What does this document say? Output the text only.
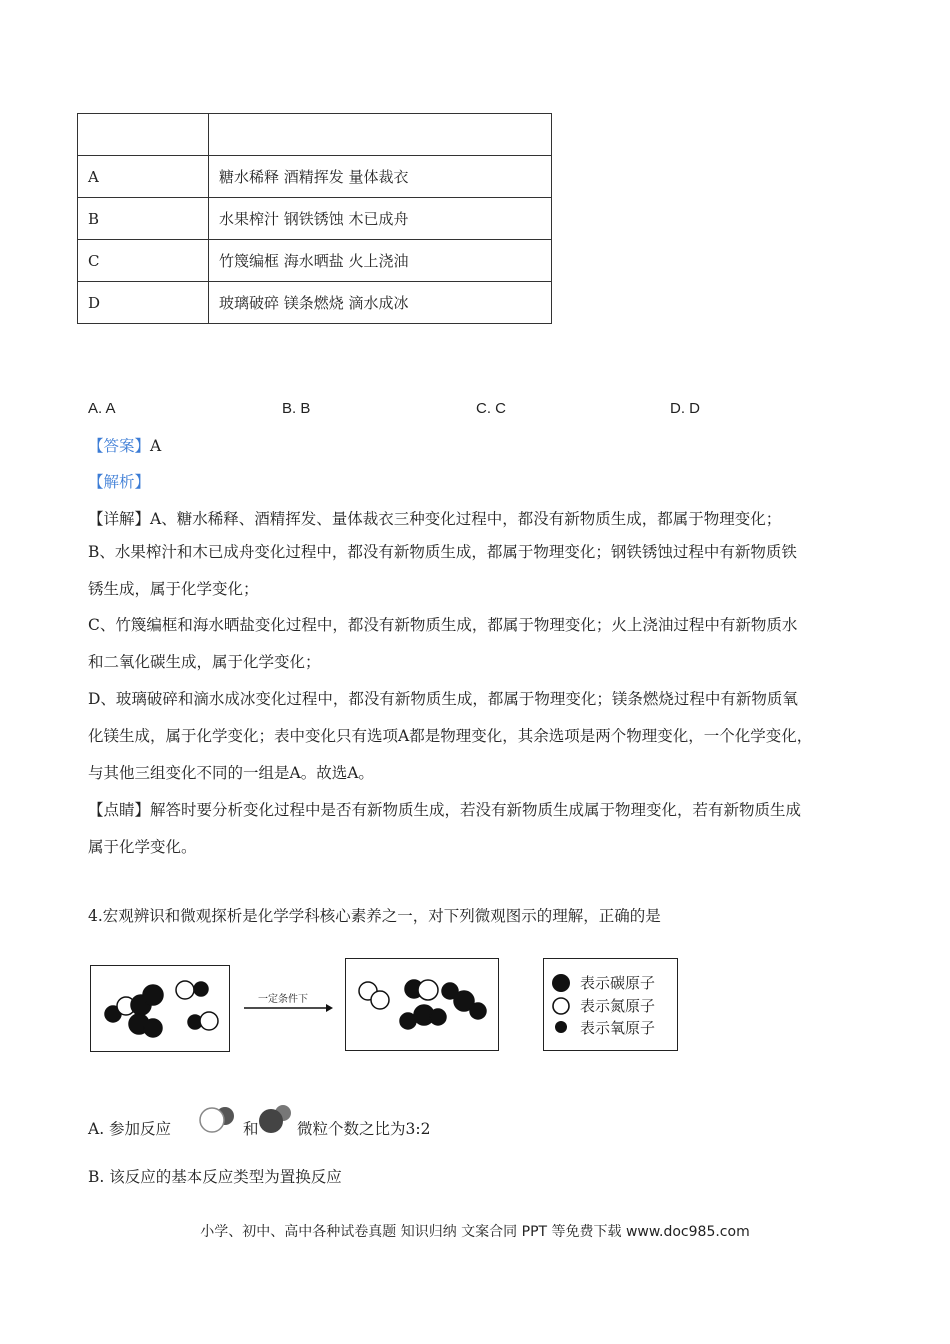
A	糖水稀释 酒精挥发 量体裁衣
B	水果榨汁 钢铁锈蚀 木已成舟
C	竹篾编框 海水晒盐 火上浇油
D	玻璃破碎 镁条燃烧 滴水成冰
A. A	B. B	C. C	D. D
【答案】A
【解析】
【详解】A、糖水稀释、酒精挥发、量体裁衣三种变化过程中，都没有新物质生成，都属于物理变化；
B、水果榨汁和木已成舟变化过程中，都没有新物质生成，都属于物理变化；钢铁锈蚀过程中有新物质铁
锈生成，属于化学变化；
C、竹篾编框和海水晒盐变化过程中，都没有新物质生成，都属于物理变化；火上浇油过程中有新物质水
和二氧化碳生成，属于化学变化；
D、玻璃破碎和滴水成冰变化过程中，都没有新物质生成，都属于物理变化；镁条燃烧过程中有新物质氧
化镁生成，属于化学变化；表中变化只有选项A都是物理变化，其余选项是两个物理变化，一个化学变化，
与其他三组变化不同的一组是A。故选A。
【点睛】解答时要分析变化过程中是否有新物质生成，若没有新物质生成属于物理变化，若有新物质生成
属于化学变化。
4.宏观辨识和微观探析是化学学科核心素养之一，对下列微观图示的理解，正确的是
一定条件下
表示碳原子
表示氮原子
表示氧原子
A. 参加反应	和 微粒个数之比为3:2
B. 该反应的基本反应类型为置换反应
小学、初中、高中各种试卷真题 知识归纳 文案合同 PPT 等免费下载 www.doc985.com
